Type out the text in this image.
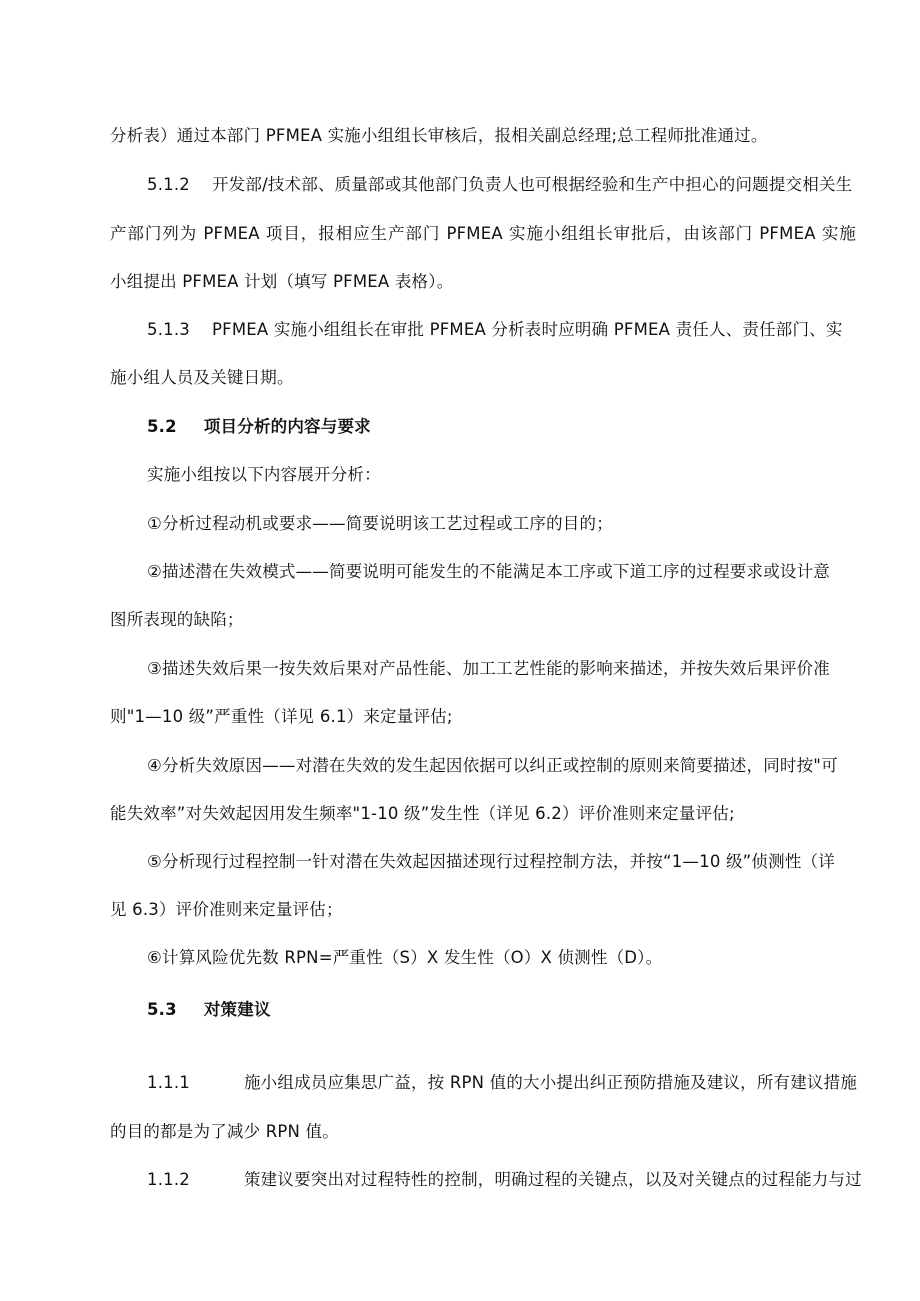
分析表）通过本部门 PFMEA 实施小组组长审核后，报相关副总经理;总工程师批准通过。
5.1.2 开发部/技术部、质量部或其他部门负责人也可根据经验和生产中担心的问题提交相关生
产部门列为 PFMEA 项目，报相应生产部门 PFMEA 实施小组组长审批后，由该部门 PFMEA 实施
小组提出 PFMEA 计划（填写 PFMEA 表格）。
5.1.3 PFMEA 实施小组组长在审批 PFMEA 分析表时应明确 PFMEA 责任人、责任部门、实
施小组人员及关键日期。
5.2 项目分析的内容与要求
实施小组按以下内容展开分析：
①分析过程动机或要求——简要说明该工艺过程或工序的目的；
②描述潜在失效模式——简要说明可能发生的不能满足本工序或下道工序的过程要求或设计意
图所表现的缺陷；
③描述失效后果一按失效后果对产品性能、加工工艺性能的影响来描述，并按失效后果评价准
则"1—10 级”严重性（详见 6.1）来定量评估;
④分析失效原因——对潜在失效的发生起因依据可以纠正或控制的原则来简要描述，同时按"可
能失效率”对失效起因用发生频率"1-10 级”发生性（详见 6.2）评价准则来定量评估;
⑤分析现行过程控制一针对潜在失效起因描述现行过程控制方法，并按“1—10 级”侦测性（详
见 6.3）评价准则来定量评估；
⑥计算风险优先数 RPN=严重性（S）X 发生性（O）X 侦测性（D）。
5.3 对策建议
1.1.1	施小组成员应集思广益，按 RPN 值的大小提出纠正预防措施及建议，所有建议措施
的目的都是为了减少 RPN 值。
1.1.2	策建议要突出对过程特性的控制，明确过程的关键点，以及对关键点的过程能力与过
